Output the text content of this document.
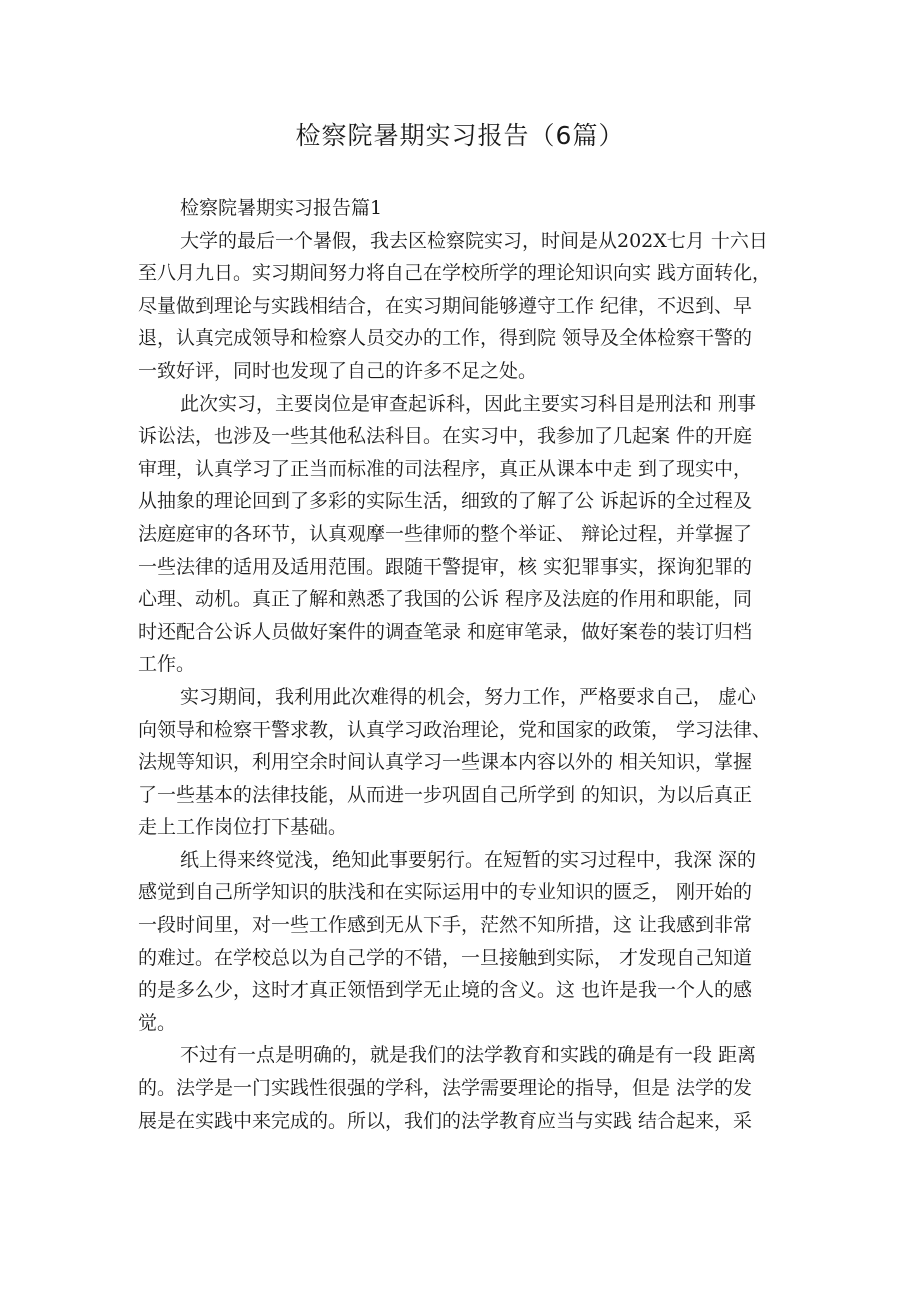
检察院暑期实习报告（6篇）
检察院暑期实习报告篇1
大学的最后一个暑假，我去区检察院实习，时间是从202X七月 十六日
至八月九日。实习期间努力将自己在学校所学的理论知识向实 践方面转化，
尽量做到理论与实践相结合，在实习期间能够遵守工作 纪律，不迟到、早
退，认真完成领导和检察人员交办的工作，得到院 领导及全体检察干警的
一致好评，同时也发现了自己的许多不足之处。
此次实习，主要岗位是审查起诉科，因此主要实习科目是刑法和 刑事
诉讼法，也涉及一些其他私法科目。在实习中，我参加了几起案 件的开庭
审理，认真学习了正当而标准的司法程序，真正从课本中走 到了现实中，
从抽象的理论回到了多彩的实际生活，细致的了解了公 诉起诉的全过程及
法庭庭审的各环节，认真观摩一些律师的整个举证、 辩论过程，并掌握了
一些法律的适用及适用范围。跟随干警提审，核 实犯罪事实，探询犯罪的
心理、动机。真正了解和熟悉了我国的公诉 程序及法庭的作用和职能，同
时还配合公诉人员做好案件的调查笔录 和庭审笔录，做好案卷的装订归档
工作。
实习期间，我利用此次难得的机会，努力工作，严格要求自己， 虚心
向领导和检察干警求教，认真学习政治理论，党和国家的政策， 学习法律、
法规等知识，利用空余时间认真学习一些课本内容以外的 相关知识，掌握
了一些基本的法律技能，从而进一步巩固自己所学到 的知识，为以后真正
走上工作岗位打下基础。
纸上得来终觉浅，绝知此事要躬行。在短暂的实习过程中，我深 深的
感觉到自己所学知识的肤浅和在实际运用中的专业知识的匮乏， 刚开始的
一段时间里，对一些工作感到无从下手，茫然不知所措，这 让我感到非常
的难过。在学校总以为自己学的不错，一旦接触到实际， 才发现自己知道
的是多么少，这时才真正领悟到学无止境的含义。这 也许是我一个人的感
觉。
不过有一点是明确的，就是我们的法学教育和实践的确是有一段 距离
的。法学是一门实践性很强的学科，法学需要理论的指导，但是 法学的发
展是在实践中来完成的。所以，我们的法学教育应当与实践 结合起来，采
